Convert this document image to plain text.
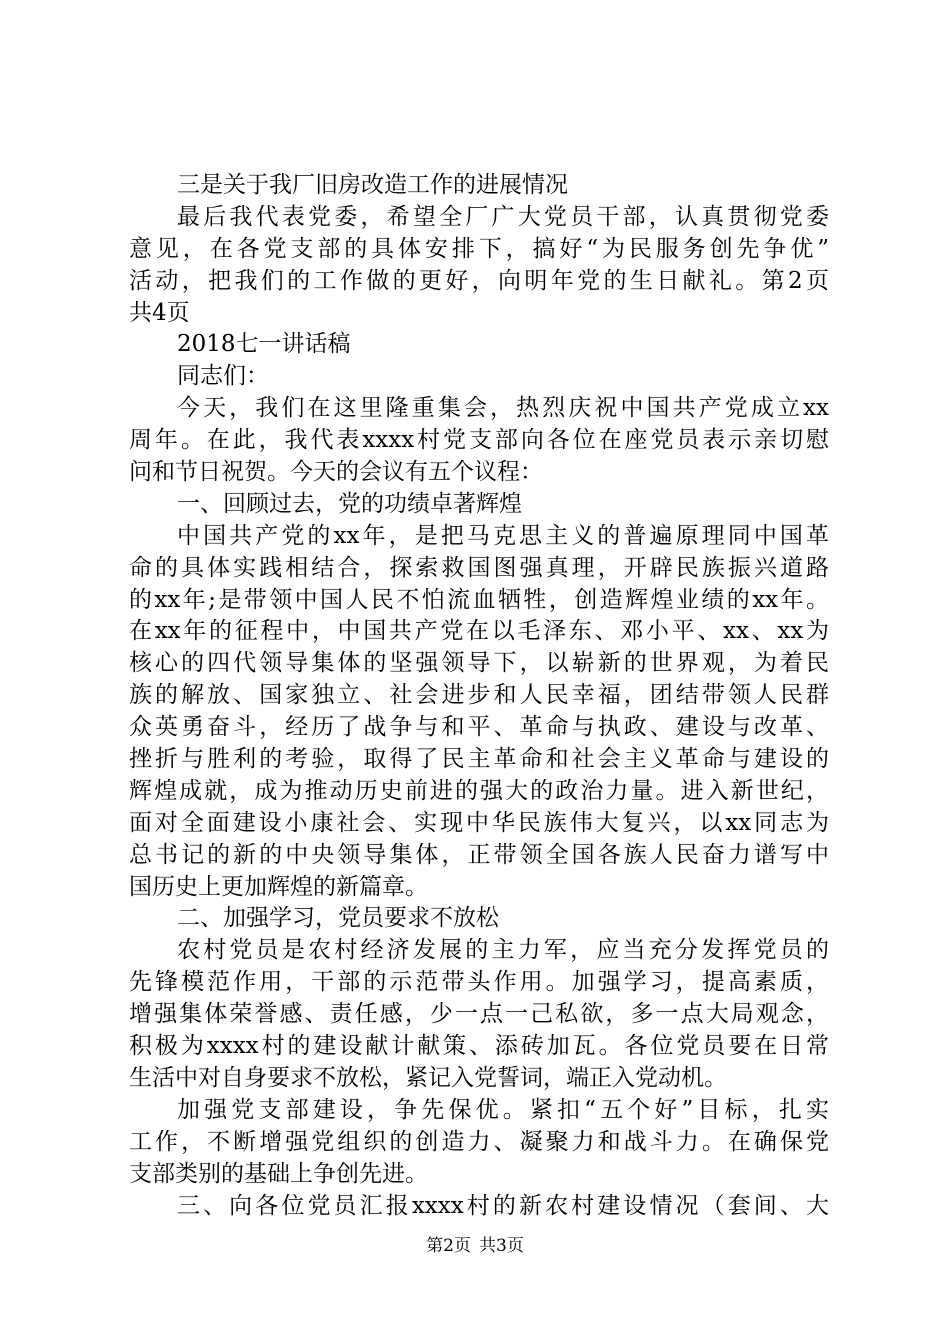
三是关于我厂旧房改造工作的进展情况
最后我代表党委，希望全厂广大党员干部，认真贯彻党委
意见，在各党支部的具体安排下，搞好“为民服务创先争优”
活动，把我们的工作做的更好，向明年党的生日献礼。第2页
共4页
2018七一讲话稿
同志们：
今天，我们在这里隆重集会，热烈庆祝中国共产党成立xx
周年。在此，我代表xxxx村党支部向各位在座党员表示亲切慰
问和节日祝贺。今天的会议有五个议程：
一、回顾过去，党的功绩卓著辉煌
中国共产党的xx年，是把马克思主义的普遍原理同中国革
命的具体实践相结合，探索救国图强真理，开辟民族振兴道路
的xx年;是带领中国人民不怕流血牺牲，创造辉煌业绩的xx年。
在xx年的征程中，中国共产党在以毛泽东、邓小平、xx、xx为
核心的四代领导集体的坚强领导下，以崭新的世界观，为着民
族的解放、国家独立、社会进步和人民幸福，团结带领人民群
众英勇奋斗，经历了战争与和平、革命与执政、建设与改革、
挫折与胜利的考验，取得了民主革命和社会主义革命与建设的
辉煌成就，成为推动历史前进的强大的政治力量。进入新世纪，
面对全面建设小康社会、实现中华民族伟大复兴，以xx同志为
总书记的新的中央领导集体，正带领全国各族人民奋力谱写中
国历史上更加辉煌的新篇章。
二、加强学习，党员要求不放松
农村党员是农村经济发展的主力军，应当充分发挥党员的
先锋模范作用，干部的示范带头作用。加强学习，提高素质，
增强集体荣誉感、责任感，少一点一己私欲，多一点大局观念，
积极为xxxx村的建设献计献策、添砖加瓦。各位党员要在日常
生活中对自身要求不放松，紧记入党誓词，端正入党动机。
加强党支部建设，争先保优。紧扣“五个好”目标，扎实
工作，不断增强党组织的创造力、凝聚力和战斗力。在确保党
支部类别的基础上争创先进。
三、向各位党员汇报xxxx村的新农村建设情况（套间、大
第2页 共3页
